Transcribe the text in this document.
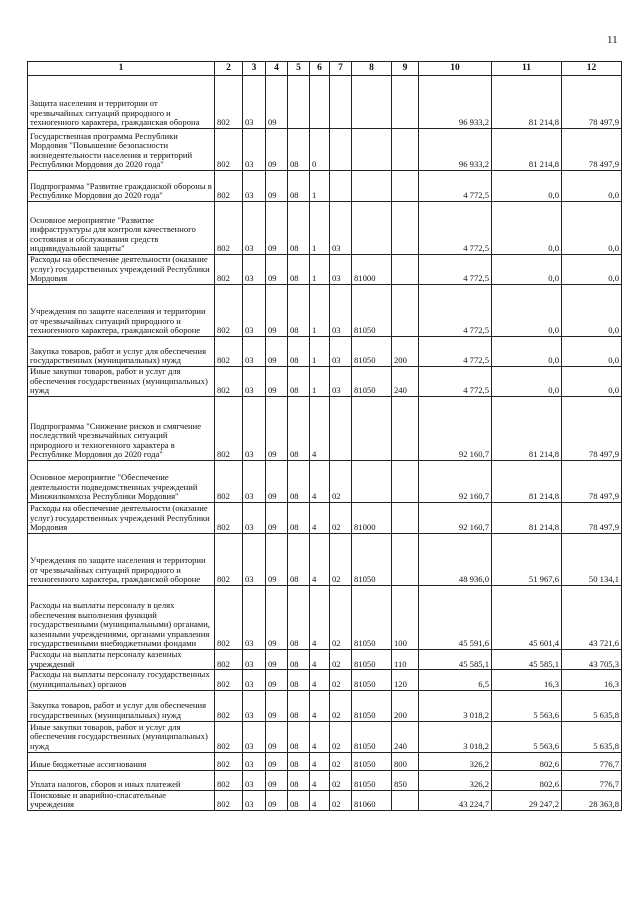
11
1	2	3	4	5	6	7	8	9	10	11	12
Защита населения и территории от чрезвычайных ситуаций природного и техногенного характера, гражданская оборона	802	03	09						96 933,2	81 214,8	78 497,9
Государственная программа Республики Мордовия "Повышение безопасности жизнедеятельности населения и территорий Республики Мордовия до 2020 года"	802	03	09	08	0				96 933,2	81 214,8	78 497,9
Подпрограмма "Развитие гражданской обороны в Республике Мордовия до 2020 года"	802	03	09	08	1				4 772,5	0,0	0,0
Основное мероприятие "Развитие инфраструктуры для контроля качественного состояния и обслуживания средств индивидуальной защиты"	802	03	09	08	1	03			4 772,5	0,0	0,0
Расходы на обеспечение деятельности (оказание услуг) государственных учреждений Республики Мордовия	802	03	09	08	1	03	81000		4 772,5	0,0	0,0
Учреждения по защите населения и территории от чрезвычайных ситуаций природного и техногенного характера, гражданской обороне	802	03	09	08	1	03	81050		4 772,5	0,0	0,0
Закупка товаров, работ и услуг для обеспечения государственных (муниципальных) нужд	802	03	09	08	1	03	81050	200	4 772,5	0,0	0,0
Иные закупки товаров, работ и услуг для обеспечения государственных (муниципальных) нужд	802	03	09	08	1	03	81050	240	4 772,5	0,0	0,0
Подпрограмма "Снижение рисков и смягчение последствий чрезвычайных ситуаций природного и техногенного характера в Республике Мордовия до 2020 года"	802	03	09	08	4				92 160,7	81 214,8	78 497,9
Основное мероприятие "Обеспечение деятельности подведомственных учреждений Минжилкомхоза Республики Мордовия"	802	03	09	08	4	02			92 160,7	81 214,8	78 497,9
Расходы на обеспечение деятельности (оказание услуг) государственных учреждений Республики Мордовия	802	03	09	08	4	02	81000		92 160,7	81 214,8	78 497,9
Учреждения по защите населения и территории от чрезвычайных ситуаций природного и техногенного характера, гражданской обороне	802	03	09	08	4	02	81050		48 936,0	51 967,6	50 134,1
Расходы на выплаты персоналу в целях обеспечения выполнения функций государственными (муниципальными) органами, казенными учреждениями, органами управления государственными внебюджетными фондами	802	03	09	08	4	02	81050	100	45 591,6	45 601,4	43 721,6
Расходы на выплаты персоналу казенных учреждений	802	03	09	08	4	02	81050	110	45 585,1	45 585,1	43 705,3
Расходы на выплаты персоналу государственных (муниципальных) органов	802	03	09	08	4	02	81050	120	6,5	16,3	16,3
Закупка товаров, работ и услуг для обеспечения государственных (муниципальных) нужд	802	03	09	08	4	02	81050	200	3 018,2	5 563,6	5 635,8
Иные закупки товаров, работ и услуг для обеспечения государственных (муниципальных) нужд	802	03	09	08	4	02	81050	240	3 018,2	5 563,6	5 635,8
Иные бюджетные ассигнования	802	03	09	08	4	02	81050	800	326,2	802,6	776,7
Уплата налогов, сборов и иных платежей	802	03	09	08	4	02	81050	850	326,2	802,6	776,7
Поисковые и аварийно-спасательные учреждения	802	03	09	08	4	02	81060		43 224,7	29 247,2	28 363,8
